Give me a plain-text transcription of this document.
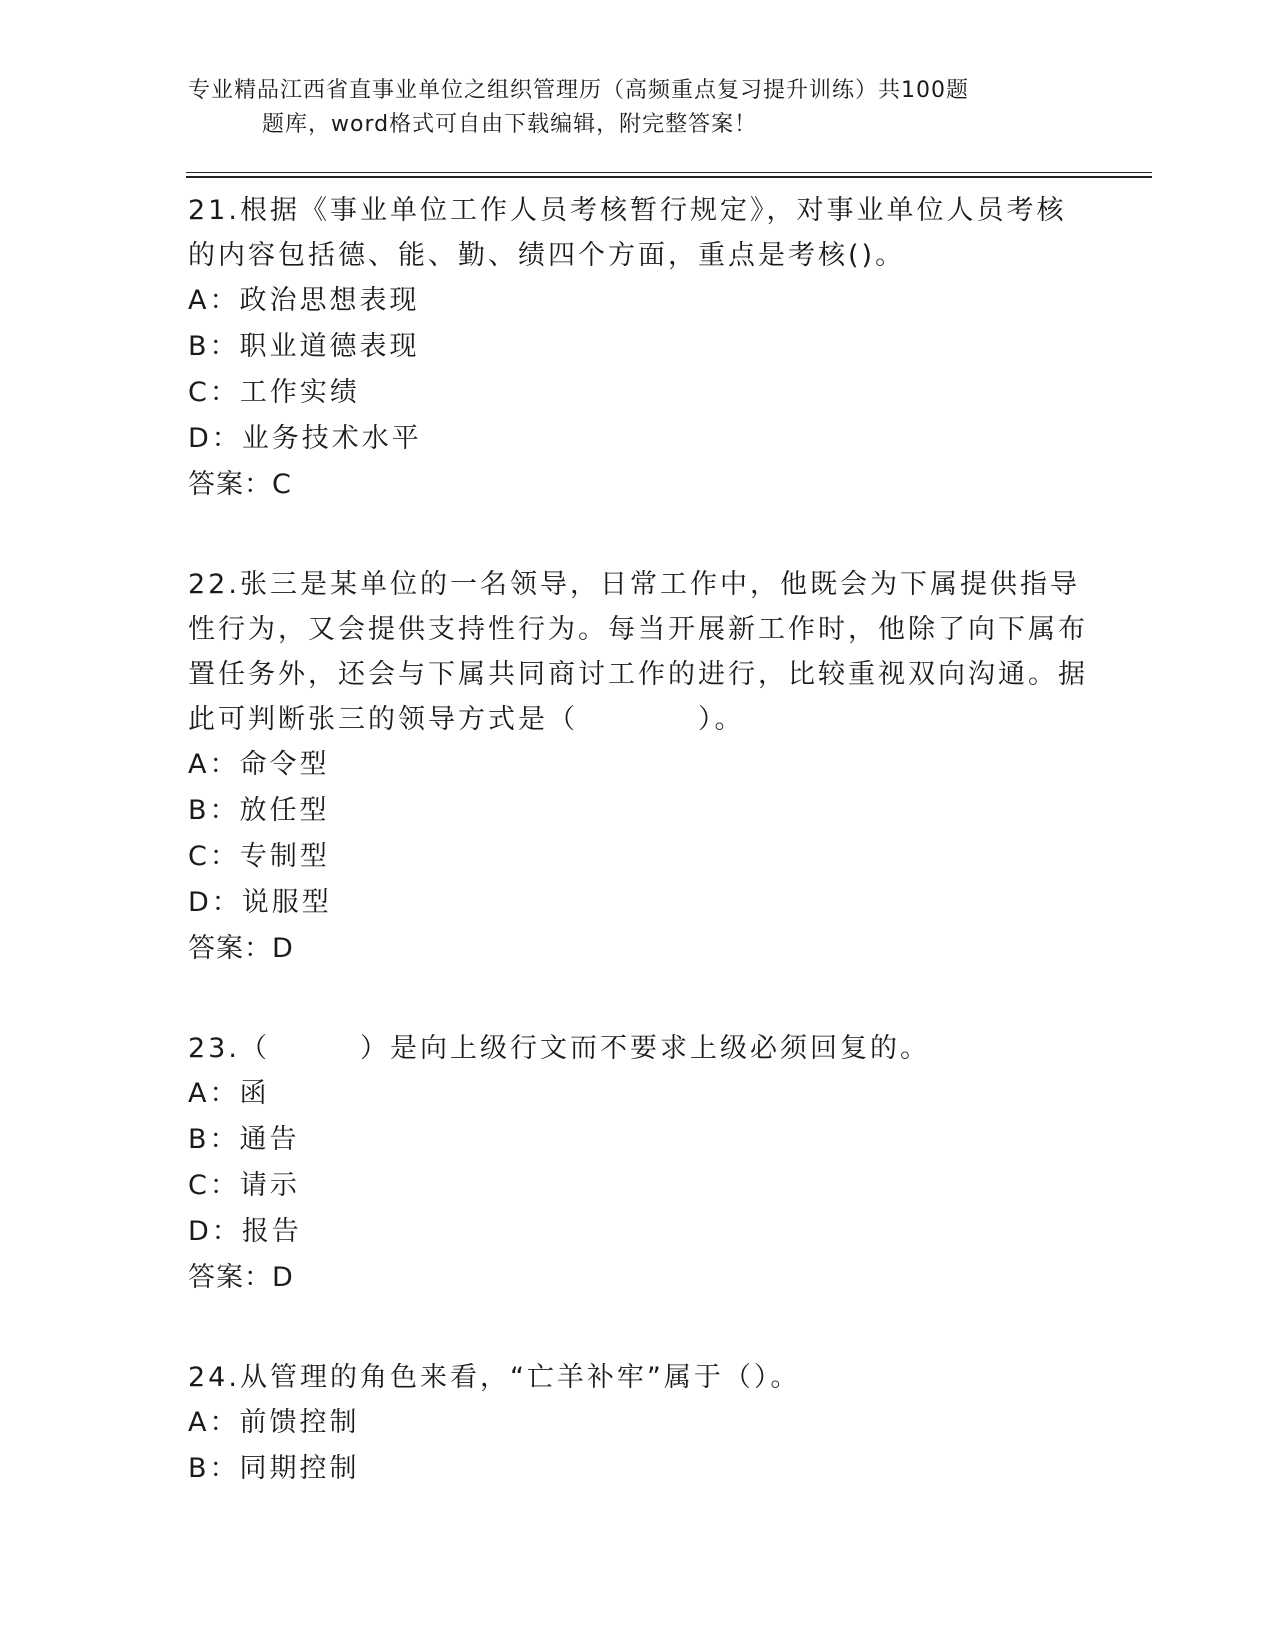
专业精品江西省直事业单位之组织管理历（高频重点复习提升训练）共100题
题库，word格式可自由下载编辑，附完整答案！

21.根据《事业单位工作人员考核暂行规定》，对事业单位人员考核的内容包括德、能、勤、绩四个方面，重点是考核()。

A：政治思想表现

B：职业道德表现

C：工作实绩

D：业务技术水平

答案：C

22.张三是某单位的一名领导，日常工作中，他既会为下属提供指导性行为，又会提供支持性行为。每当开展新工作时，他除了向下属布置任务外，还会与下属共同商讨工作的进行，比较重视双向沟通。据此可判断张三的领导方式是（　　　　）。

A：命令型

B：放任型

C：专制型

D：说服型

答案：D

23.（　　　）是向上级行文而不要求上级必须回复的。

A：函

B：通告

C：请示

D：报告

答案：D

24.从管理的角色来看，“亡羊补牢”属于（）。

A：前馈控制

B：同期控制
